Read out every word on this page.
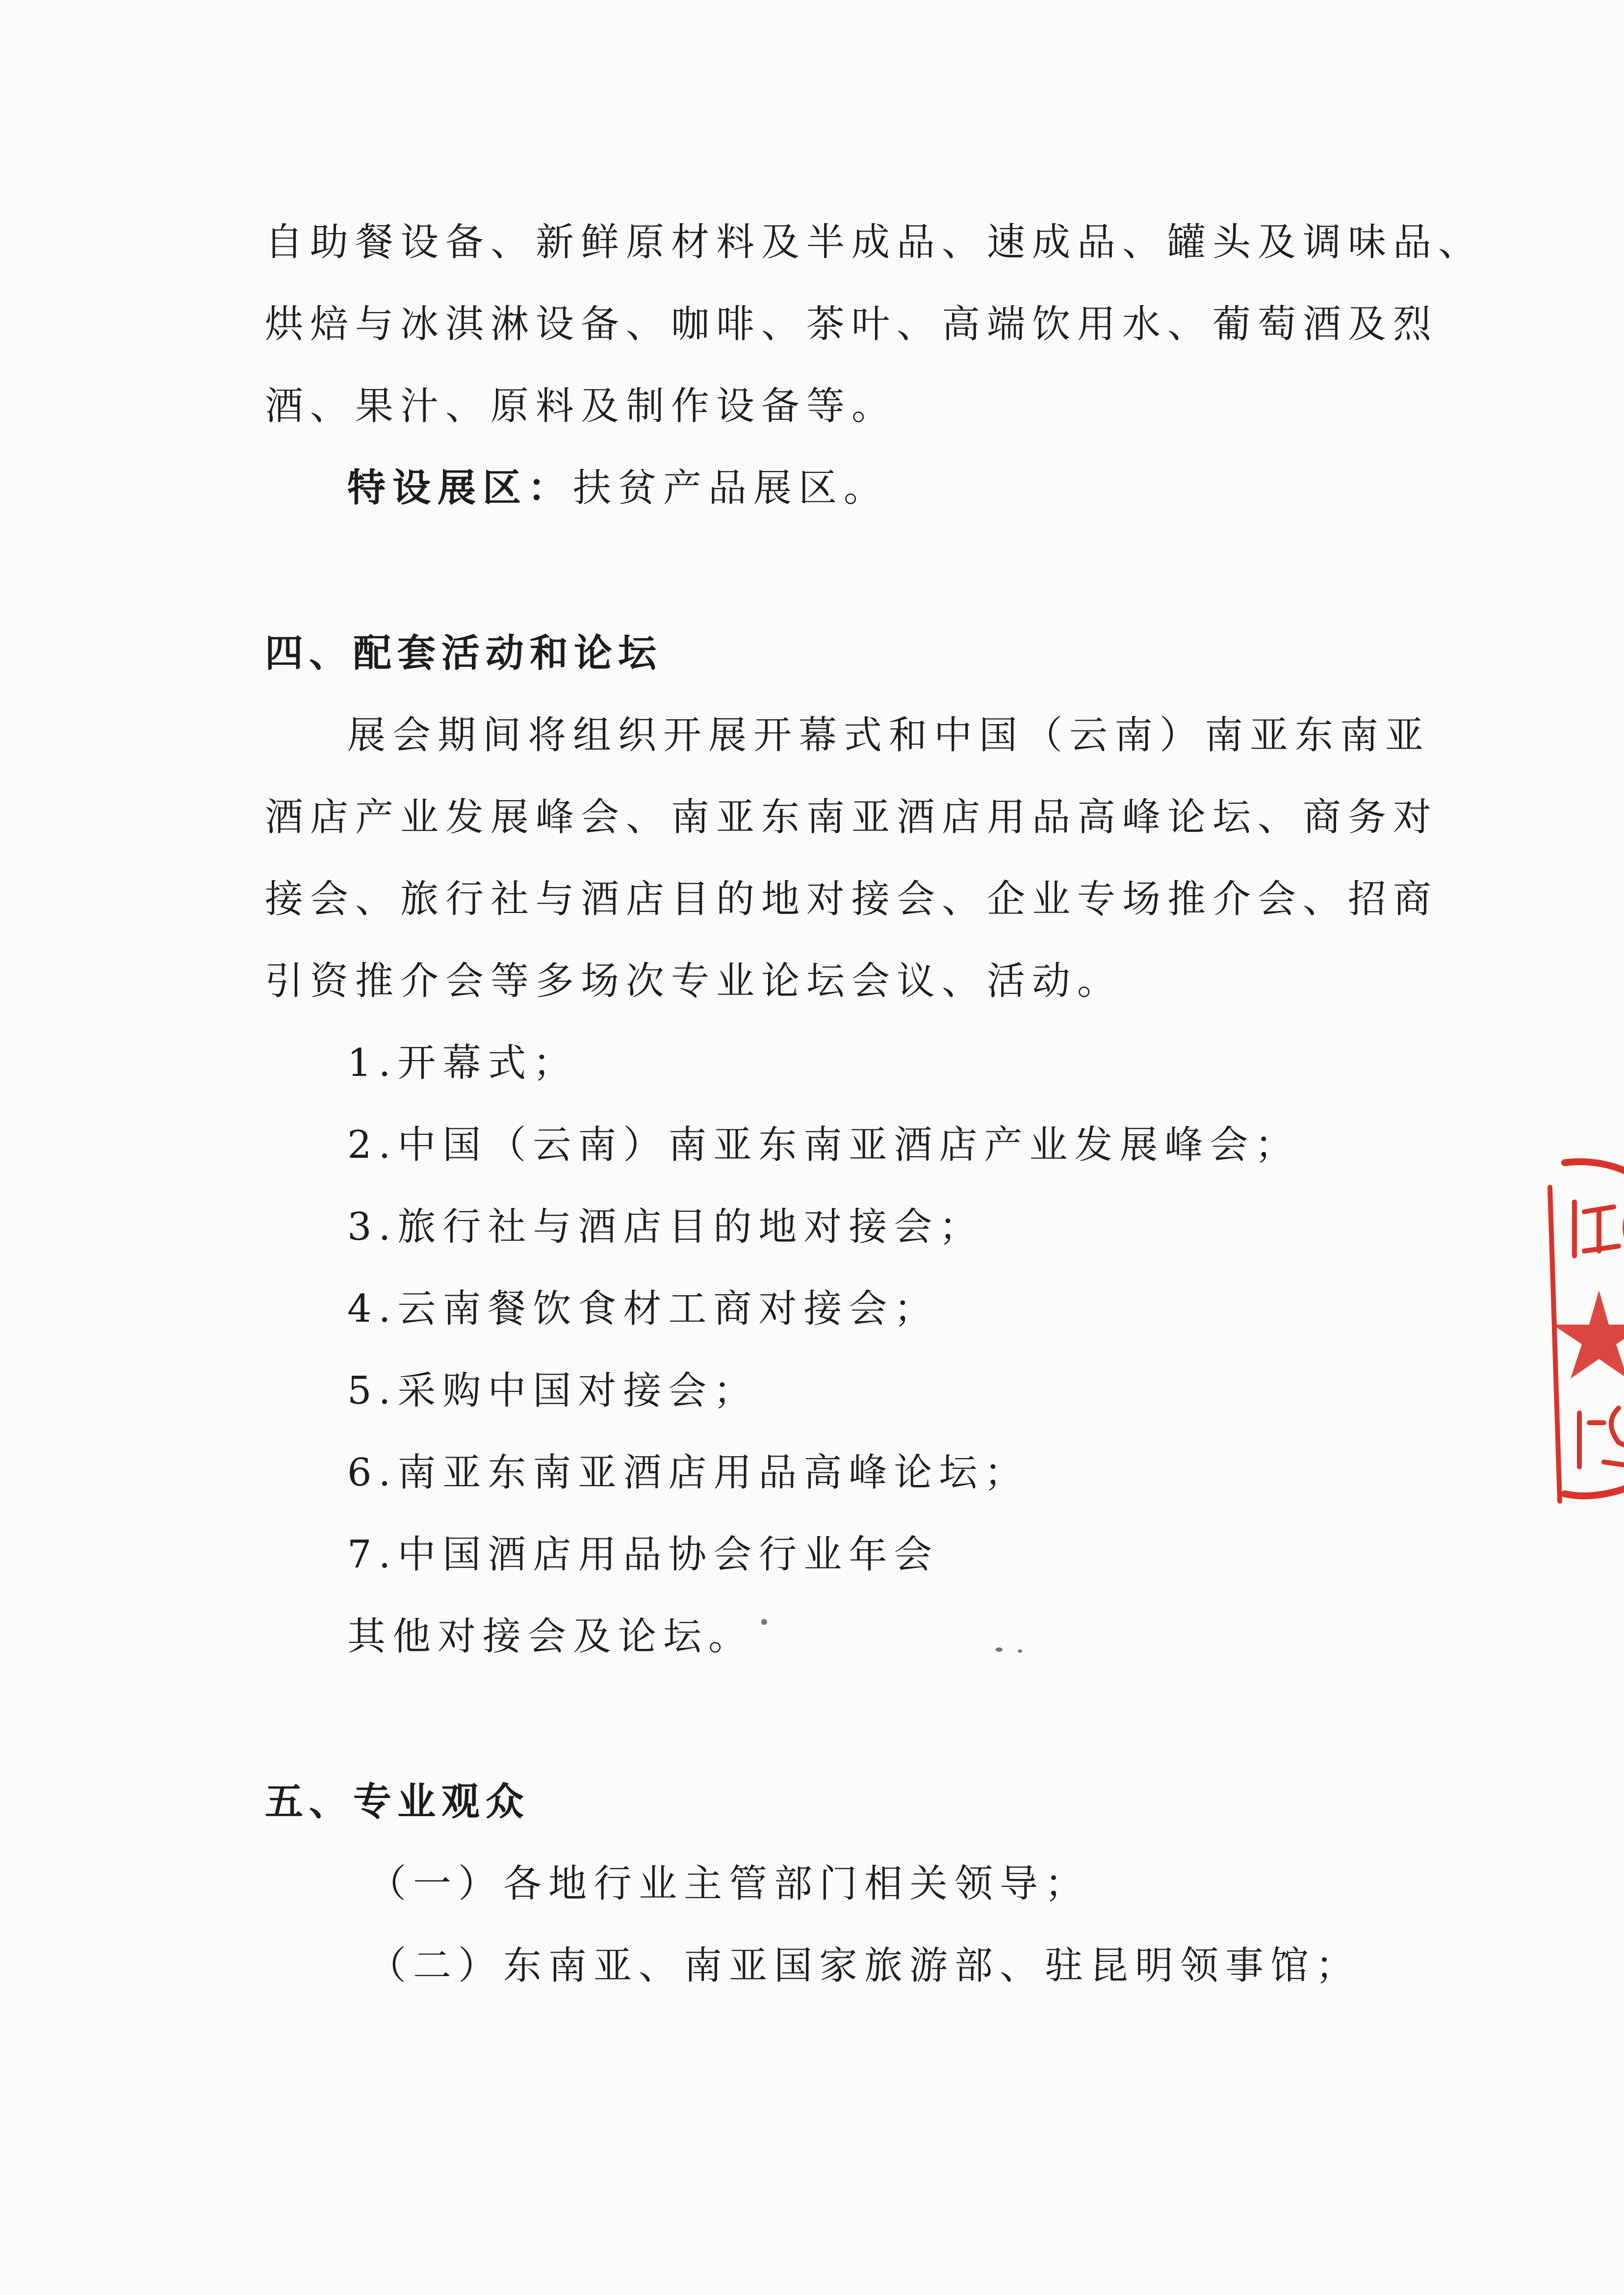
自助餐设备、新鲜原材料及半成品、速成品、罐头及调味品、
烘焙与冰淇淋设备、咖啡、茶叶、高端饮用水、葡萄酒及烈
酒、果汁、原料及制作设备等。
特设展区：扶贫产品展区。
四、配套活动和论坛
展会期间将组织开展开幕式和中国（云南）南亚东南亚
酒店产业发展峰会、南亚东南亚酒店用品高峰论坛、商务对
接会、旅行社与酒店目的地对接会、企业专场推介会、招商
引资推介会等多场次专业论坛会议、活动。
1.开幕式；
2.中国（云南）南亚东南亚酒店产业发展峰会；
3.旅行社与酒店目的地对接会；
4.云南餐饮食材工商对接会；
5.采购中国对接会；
6.南亚东南亚酒店用品高峰论坛；
7.中国酒店用品协会行业年会
其他对接会及论坛。
五、专业观众
（一）各地行业主管部门相关领导；
（二）东南亚、南亚国家旅游部、驻昆明领事馆；
